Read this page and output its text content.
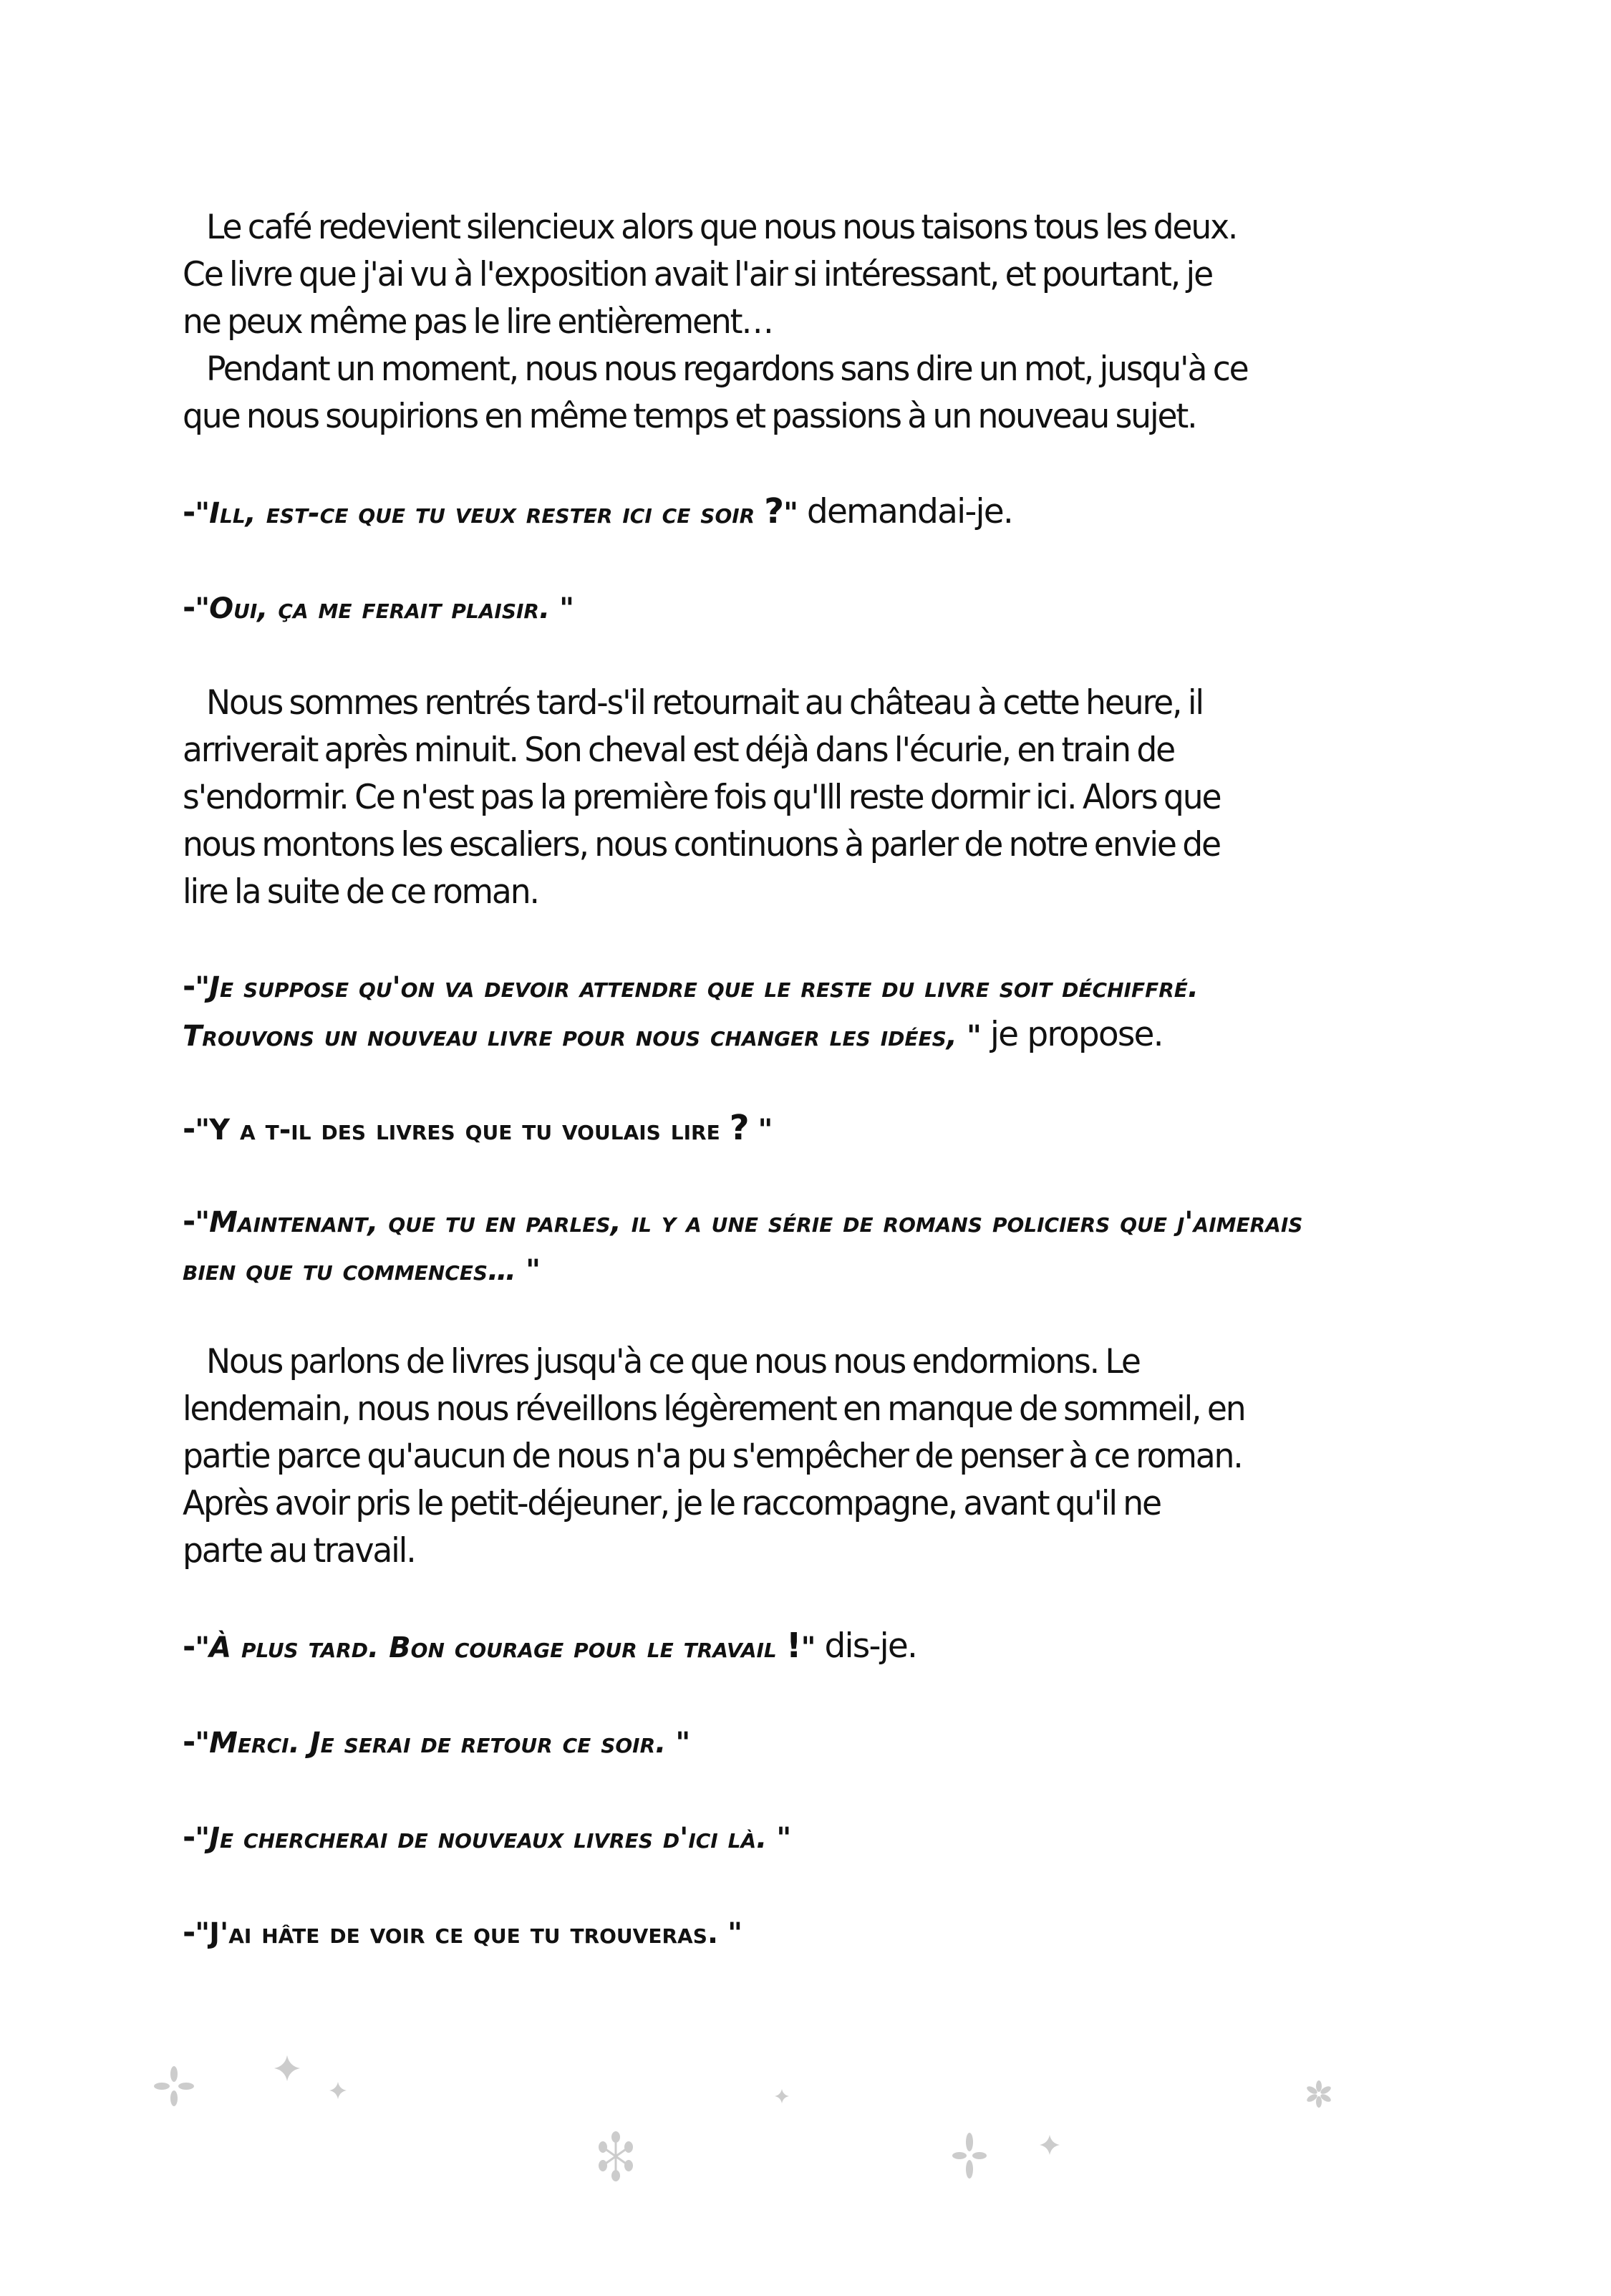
Le café redevient silencieux alors que nous nous taisons tous les deux.
Ce livre que j'ai vu à l'exposition avait l'air si intéressant, et pourtant, je
ne peux même pas le lire entièrement…
Pendant un moment, nous nous regardons sans dire un mot, jusqu'à ce
que nous soupirions en même temps et passions à un nouveau sujet.
-"Ill, est-ce que tu veux rester ici ce soir ?" demandai-je.
-"Oui, ça me ferait plaisir. "
Nous sommes rentrés tard-s'il retournait au château à cette heure, il
arriverait après minuit. Son cheval est déjà dans l'écurie, en train de
s'endormir. Ce n'est pas la première fois qu'Ill reste dormir ici. Alors que
nous montons les escaliers, nous continuons à parler de notre envie de
lire la suite de ce roman.
-"Je suppose qu'on va devoir attendre que le reste du livre soit déchiffré.
Trouvons un nouveau livre pour nous changer les idées, " je propose.
-"Y a t-il des livres que tu voulais lire ? "
-"Maintenant, que tu en parles, il y a une série de romans policiers que j'aimerais
bien que tu commences… "
Nous parlons de livres jusqu'à ce que nous nous endormions. Le
lendemain, nous nous réveillons légèrement en manque de sommeil, en
partie parce qu'aucun de nous n'a pu s'empêcher de penser à ce roman.
Après avoir pris le petit-déjeuner, je le raccompagne, avant qu'il ne
parte au travail.
-"À plus tard. Bon courage pour le travail !" dis-je.
-"Merci. Je serai de retour ce soir. "
-"Je chercherai de nouveaux livres d'ici là. "
-"J'ai hâte de voir ce que tu trouveras. "
